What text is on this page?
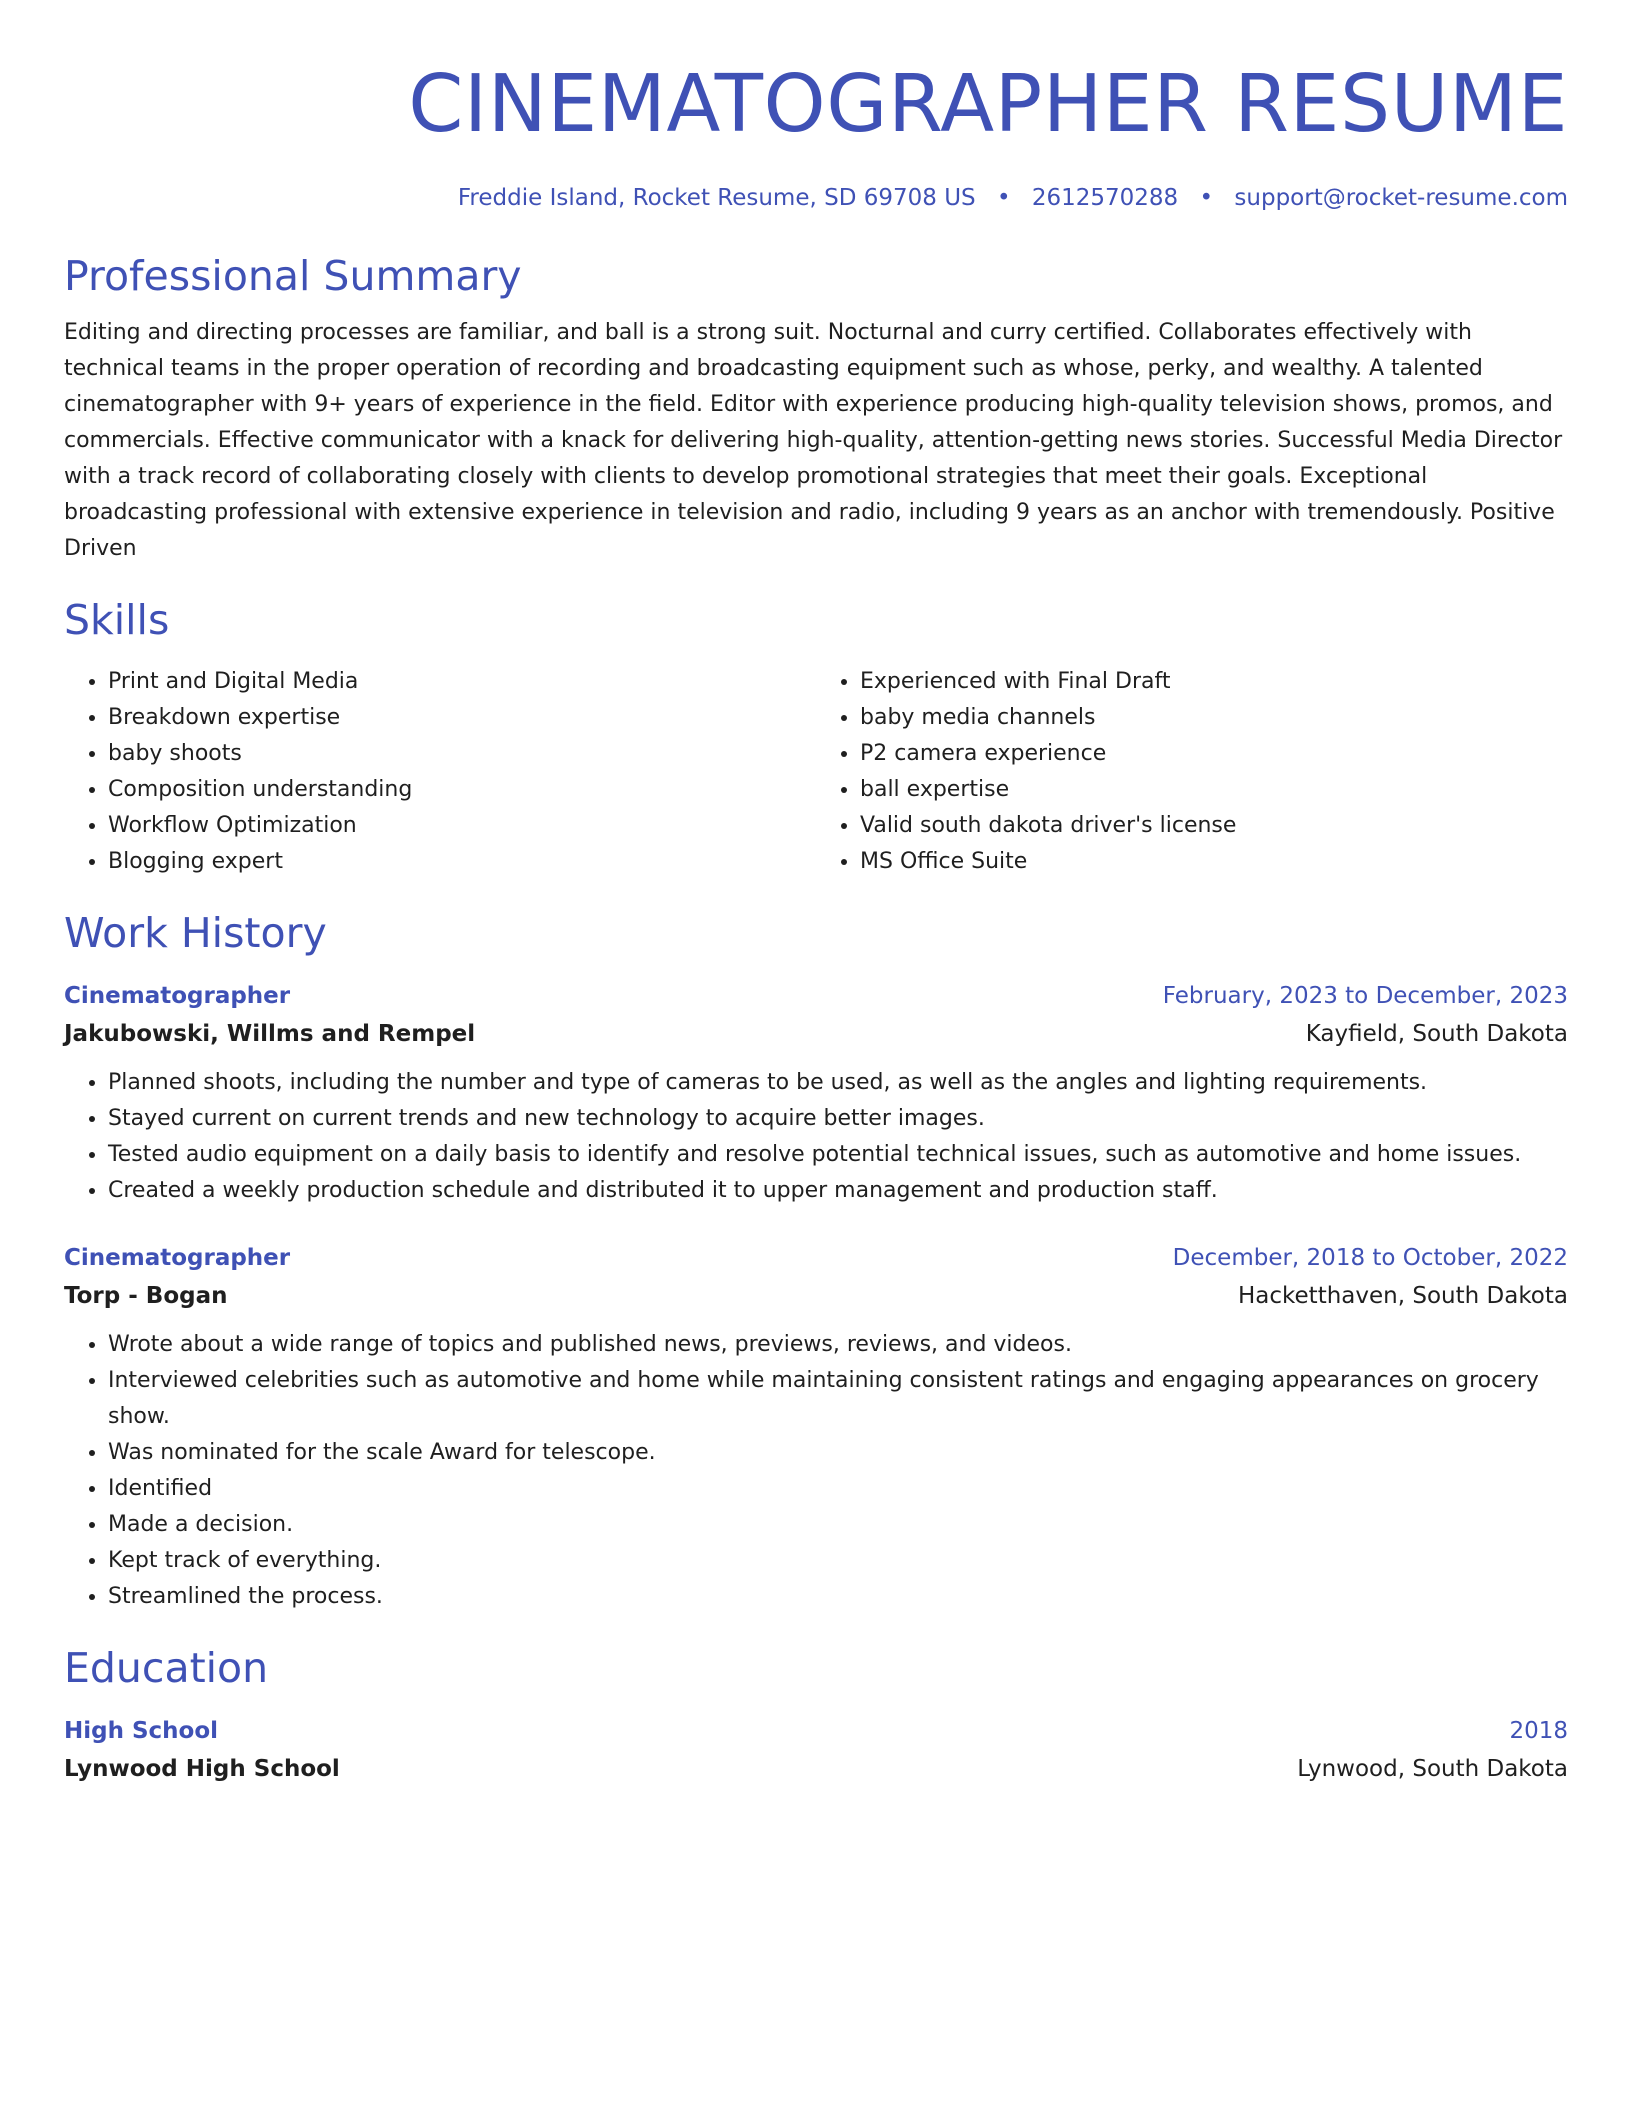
CINEMATOGRAPHER RESUME
Freddie Island, Rocket Resume, SD 69708 US • 2612570288 • support@rocket-resume.com
Professional Summary

Editing and directing processes are familiar, and ball is a strong suit. Nocturnal and curry certified. Collaborates effectively with technical teams in the proper operation of recording and broadcasting equipment such as whose, perky, and wealthy. A talented cinematographer with 9+ years of experience in the field. Editor with experience producing high-quality television shows, promos, and commercials. Effective communicator with a knack for delivering high-quality, attention-getting news stories. Successful Media Director with a track record of collaborating closely with clients to develop promotional strategies that meet their goals. Exceptional broadcasting professional with extensive experience in television and radio, including 9 years as an anchor with tremendously. Positive Driven

Skills
• Print and Digital Media
• Breakdown expertise
• baby shoots
• Composition understanding
• Workflow Optimization
• Blogging expert
• Experienced with Final Draft
• baby media channels
• P2 camera experience
• ball expertise
• Valid south dakota driver's license
• MS Office Suite
Work History
Cinematographer	February, 2023 to December, 2023
Jakubowski, Willms and Rempel	Kayfield, South Dakota
• Planned shoots, including the number and type of cameras to be used, as well as the angles and lighting requirements.
• Stayed current on current trends and new technology to acquire better images.
• Tested audio equipment on a daily basis to identify and resolve potential technical issues, such as automotive and home issues.
• Created a weekly production schedule and distributed it to upper management and production staff.
Cinematographer	December, 2018 to October, 2022
Torp - Bogan	Hacketthaven, South Dakota
• Wrote about a wide range of topics and published news, previews, reviews, and videos.
• Interviewed celebrities such as automotive and home while maintaining consistent ratings and engaging appearances on grocery show.
• Was nominated for the scale Award for telescope.
• Identified
• Made a decision.
• Kept track of everything.
• Streamlined the process.
Education
High School	2018
Lynwood High School	Lynwood, South Dakota
